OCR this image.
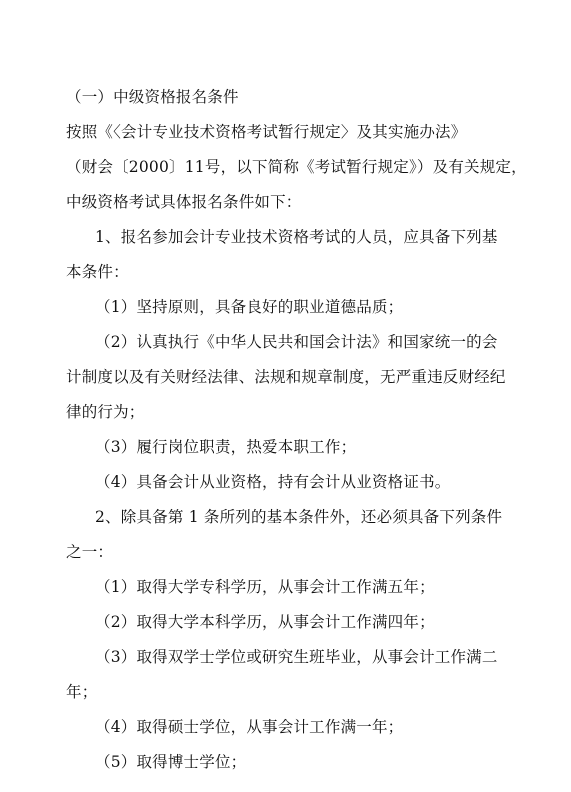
（一）中级资格报名条件
按照《〈会计专业技术资格考试暂行规定〉及其实施办法》
（财会〔2000〕11号，以下简称《考试暂行规定》）及有关规定，
中级资格考试具体报名条件如下：
1、报名参加会计专业技术资格考试的人员，应具备下列基
本条件：
（1）坚持原则，具备良好的职业道德品质；
（2）认真执行《中华人民共和国会计法》和国家统一的会
计制度以及有关财经法律、法规和规章制度，无严重违反财经纪
律的行为；
（3）履行岗位职责，热爱本职工作；
（4）具备会计从业资格，持有会计从业资格证书。
2、除具备第 1 条所列的基本条件外，还必须具备下列条件
之一：
（1）取得大学专科学历，从事会计工作满五年；
（2）取得大学本科学历，从事会计工作满四年；
（3）取得双学士学位或研究生班毕业，从事会计工作满二
年；
（4）取得硕士学位，从事会计工作满一年；
（5）取得博士学位；
